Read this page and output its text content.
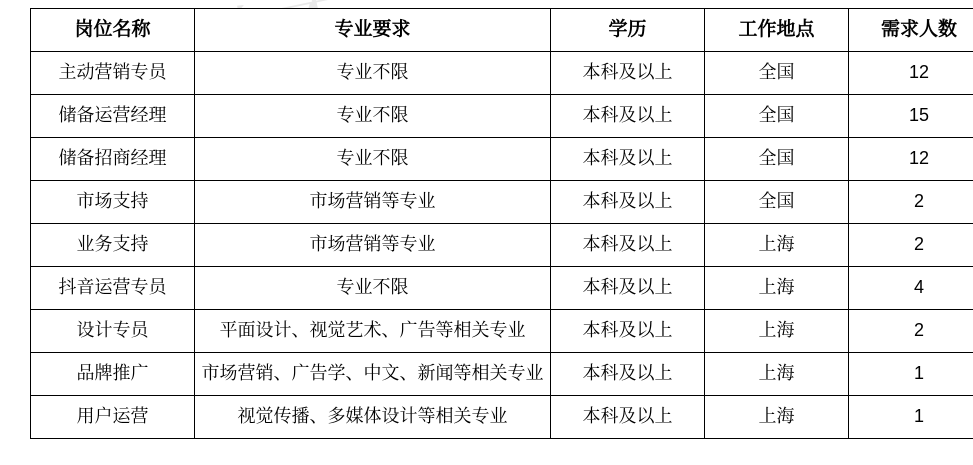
岗位名称	专业要求	学历	工作地点	需求人数
主动营销专员	专业不限	本科及以上	全国	12
储备运营经理	专业不限	本科及以上	全国	15
储备招商经理	专业不限	本科及以上	全国	12
市场支持	市场营销等专业	本科及以上	全国	2
业务支持	市场营销等专业	本科及以上	上海	2
抖音运营专员	专业不限	本科及以上	上海	4
设计专员	平面设计、视觉艺术、广告等相关专业	本科及以上	上海	2
品牌推广	市场营销、广告学、中文、新闻等相关专业	本科及以上	上海	1
用户运营	视觉传播、多媒体设计等相关专业	本科及以上	上海	1
